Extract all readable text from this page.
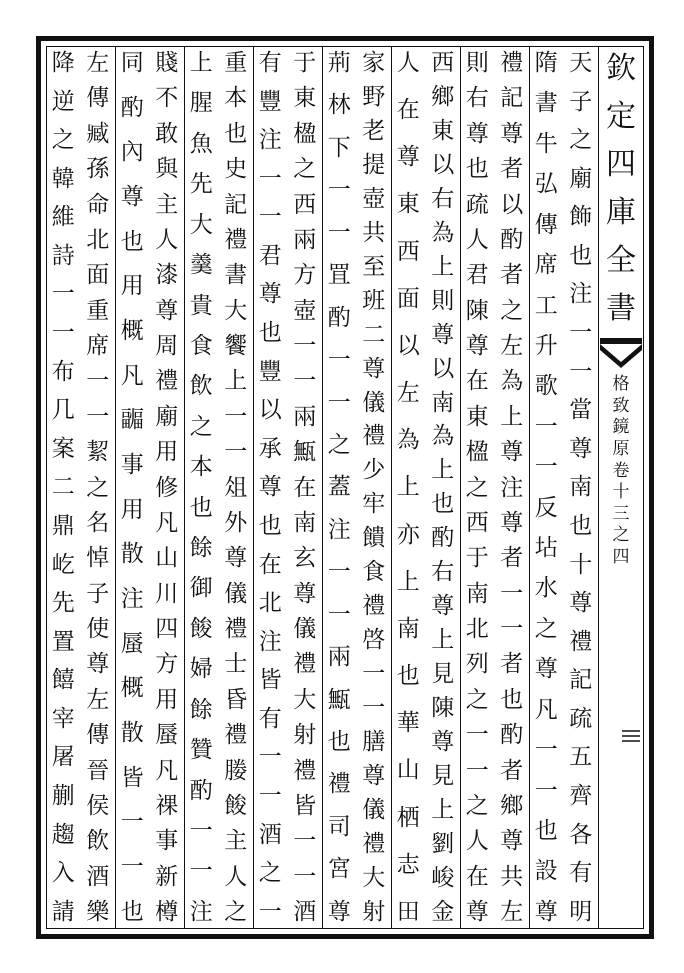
欽
定
四
庫
全
書
格
致
鏡
原
卷
十
三
之
四
天
子
之
廟
飾
也
注
一
一
當
尊
南
也
十
尊
禮
記
疏
五
齊
各
有
明
隋
書
牛
弘
傳
席
工
升
歌
一
一
反
坫
水
之
尊
凡
一
一
也
設
尊
禮
記
尊
者
以
酌
者
之
左
為
上
尊
注
尊
者
一
一
者
也
酌
者
鄉
尊
共
左
則
右
尊
也
疏
人
君
陳
尊
在
東
楹
之
西
于
南
北
列
之
一
一
之
人
在
尊
西
鄉
東
以
右
為
上
則
尊
以
南
為
上
也
酌
右
尊
上
見
陳
尊
見
上
劉
峻
金
人
在
尊
東
西
面
以
左
為
上
亦
上
南
也
華
山
栖
志
田
家
野
老
提
壺
共
至
班
二
尊
儀
禮
少
牢
饋
食
禮
啓
一
一
膳
尊
儀
禮
大
射
荊
林
下
一
一
罝
酌
一
一
之
蓋
注
一
一
兩
甒
也
禮
司
宮
尊
于
東
楹
之
西
兩
方
壺
一
一
兩
甒
在
南
玄
尊
儀
禮
大
射
禮
皆
一
一
酒
有
豐
注
一
一
君
尊
也
豐
以
承
尊
也
在
北
注
皆
有
一
一
酒
之
一
重
本
也
史
記
禮
書
大
饗
上
一
一
俎
外
尊
儀
禮
士
昏
禮
媵
餕
主
人
之
上
腥
魚
先
大
羹
貴
食
飲
之
本
也
餘
御
餕
婦
餘
贊
酌
一
一
注
賤
不
敢
與
主
人
漆
尊
周
禮
廟
用
修
凡
山
川
四
方
用
蜃
凡
祼
事
新
樽
同
酌
內
尊
也
用
概
凡
疈
事
用
散
注
蜃
概
散
皆
一
一
也
左
傳
臧
孫
命
北
面
重
席
一
一
絜
之
名
悼
子
使
尊
左
傳
晉
侯
飲
酒
樂
降
逆
之
韓
維
詩
一
一
布
几
案
二
鼎
屹
先
置
饎
宰
屠
蒯
趨
入
請
